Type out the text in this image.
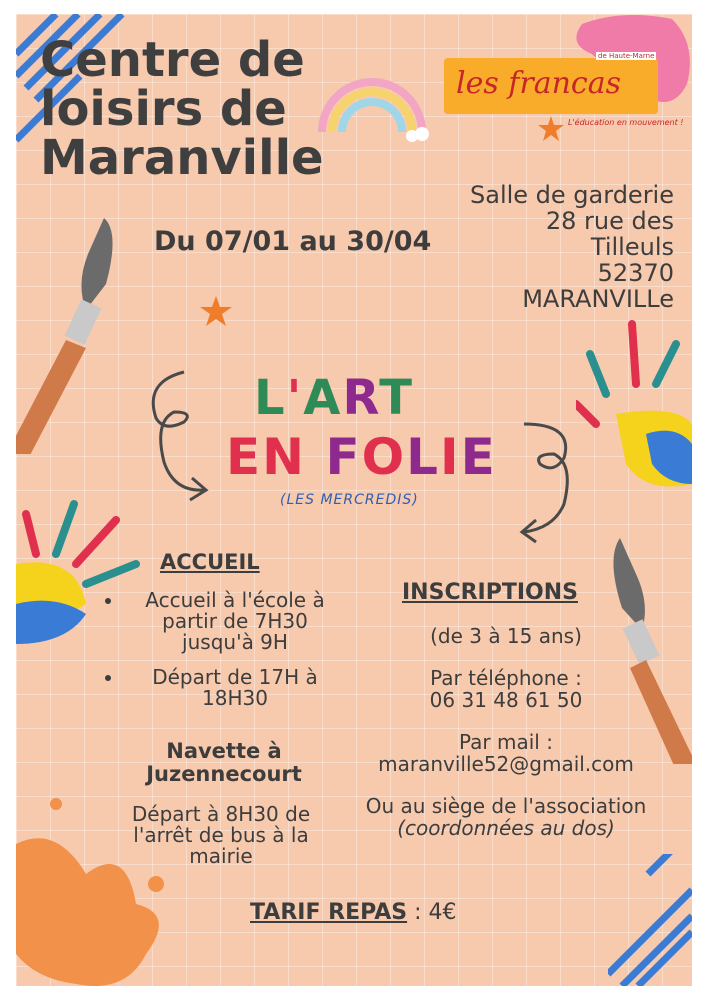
Centre de
loisirs de
Maranville
les francas
de Haute-Marne
L'éducation en mouvement !
Salle de garderie
28 rue des
Tilleuls
52370
MARANVILLe
Du 07/01 au 30/04
L'ART
EN FOLIE
(LES MERCREDIS)
ACCUEIL
• Accueil à l'école à partir de 7H30 jusqu'à 9H
• Départ de 17H à 18H30
Navette à Juzennecourt
Départ à 8H30 de l'arrêt de bus à la mairie
INSCRIPTIONS
(de 3 à 15 ans)
Par téléphone :
06 31 48 61 50
Par mail :
maranville52@gmail.com
Ou au siège de l'association
(coordonnées au dos)
TARIF REPAS : 4€
